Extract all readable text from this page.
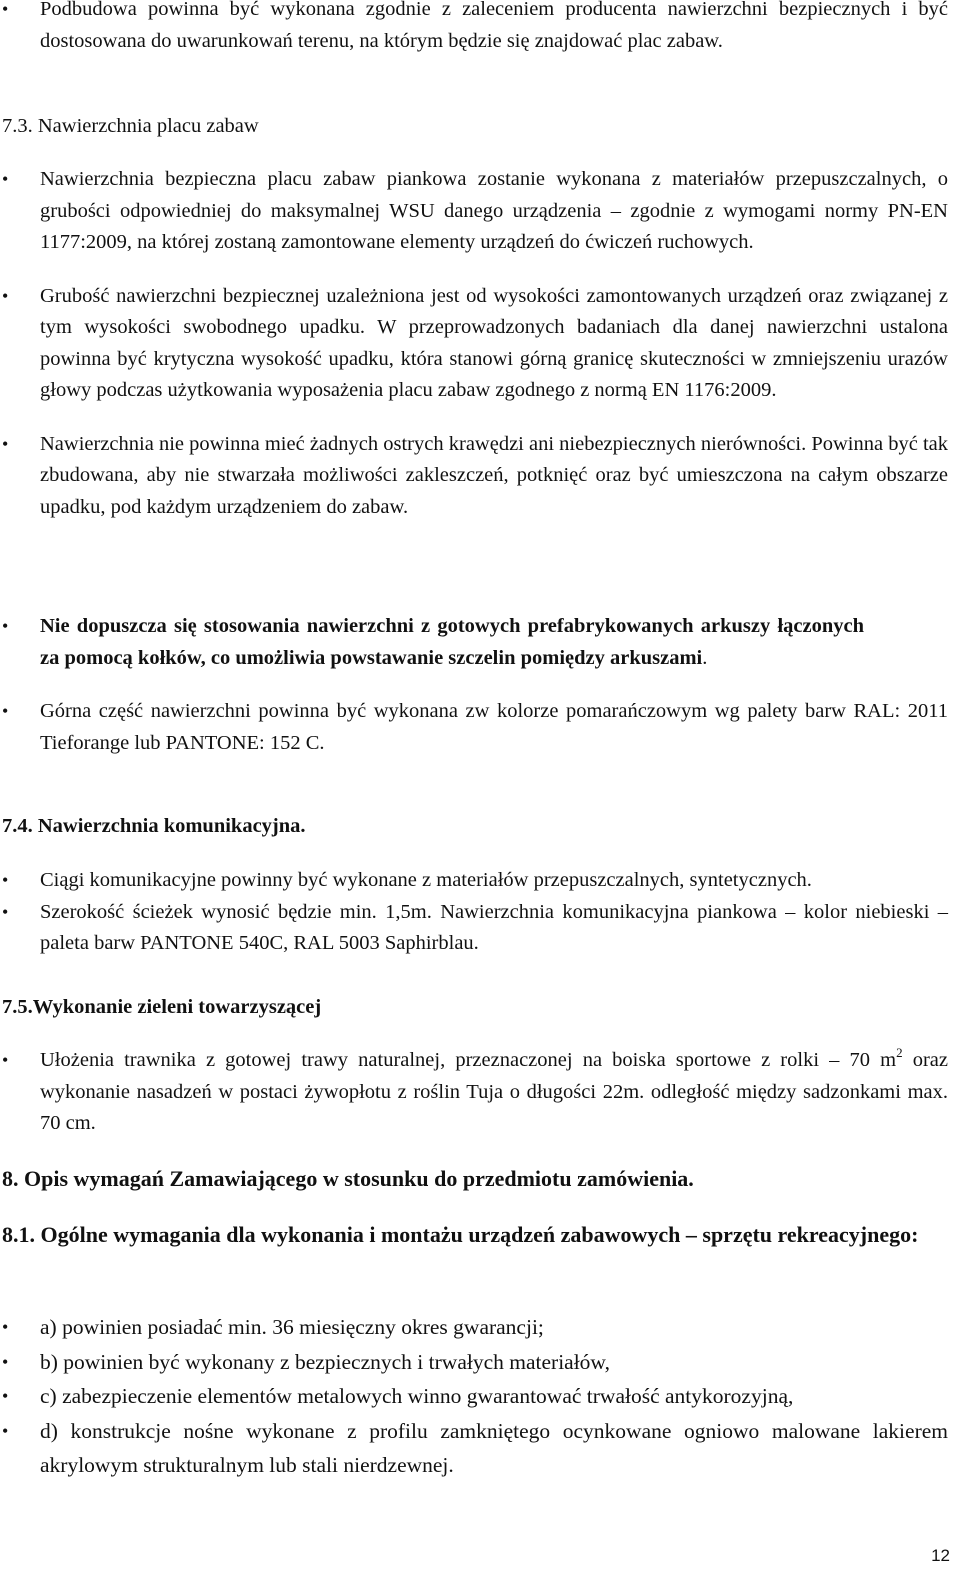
• Podbudowa powinna być wykonana zgodnie z zaleceniem producenta nawierzchni bezpiecznych i być dostosowana do uwarunkowań terenu, na którym będzie się znajdować plac zabaw.
7.3. Nawierzchnia placu zabaw
• Nawierzchnia bezpieczna placu zabaw piankowa zostanie wykonana z materiałów przepuszczalnych, o grubości odpowiedniej do maksymalnej WSU danego urządzenia – zgodnie z wymogami normy PN-EN 1177:2009, na której zostaną zamontowane elementy urządzeń do ćwiczeń ruchowych.
• Grubość nawierzchni bezpiecznej uzależniona jest od wysokości zamontowanych urządzeń oraz związanej z tym wysokości swobodnego upadku. W przeprowadzonych badaniach dla danej nawierzchni ustalona powinna być krytyczna wysokość upadku, która stanowi górną granicę skuteczności w zmniejszeniu urazów głowy podczas użytkowania wyposażenia placu zabaw zgodnego z normą EN 1176:2009.
• Nawierzchnia nie powinna mieć żadnych ostrych krawędzi ani niebezpiecznych nierówności. Powinna być tak zbudowana, aby nie stwarzała możliwości zakleszczeń, potknięć oraz być umieszczona na całym obszarze upadku, pod każdym urządzeniem do zabaw.
• Nie dopuszcza się stosowania nawierzchni z gotowych prefabrykowanych arkuszy łączonychza pomocą kołków, co umożliwia powstawanie szczelin pomiędzy arkuszami.
• Górna część nawierzchni powinna być wykonana zw kolorze pomarańczowym wg palety barw RAL: 2011 Tieforange lub PANTONE: 152 C.
7.4. Nawierzchnia komunikacyjna.
• Ciągi komunikacyjne powinny być wykonane z materiałów przepuszczalnych, syntetycznych.
• Szerokość ścieżek wynosić będzie min. 1,5m. Nawierzchnia komunikacyjna piankowa – kolor niebieski – paleta barw PANTONE 540C, RAL 5003 Saphirblau.
7.5.Wykonanie zieleni towarzyszącej
• Ułożenia trawnika z gotowej trawy naturalnej, przeznaczonej na boiska sportowe z rolki – 70 $m^2$ oraz wykonanie nasadzeń w postaci żywopłotu z roślin Tuja o długości 22m. odległość między sadzonkami max. 70 cm.
8. Opis wymagań Zamawiającego w stosunku do przedmiotu zamówienia.
8.1. Ogólne wymagania dla wykonania i montażu urządzeń zabawowych – sprzętu rekreacyjnego:
• a) powinien posiadać min. 36 miesięczny okres gwarancji;
• b) powinien być wykonany z bezpiecznych i trwałych materiałów,
• c) zabezpieczenie elementów metalowych winno gwarantować trwałość antykorozyjną,
• d) konstrukcje nośne wykonane z profilu zamkniętego ocynkowane ogniowo malowane lakierem akrylowym strukturalnym lub stali nierdzewnej.
12
